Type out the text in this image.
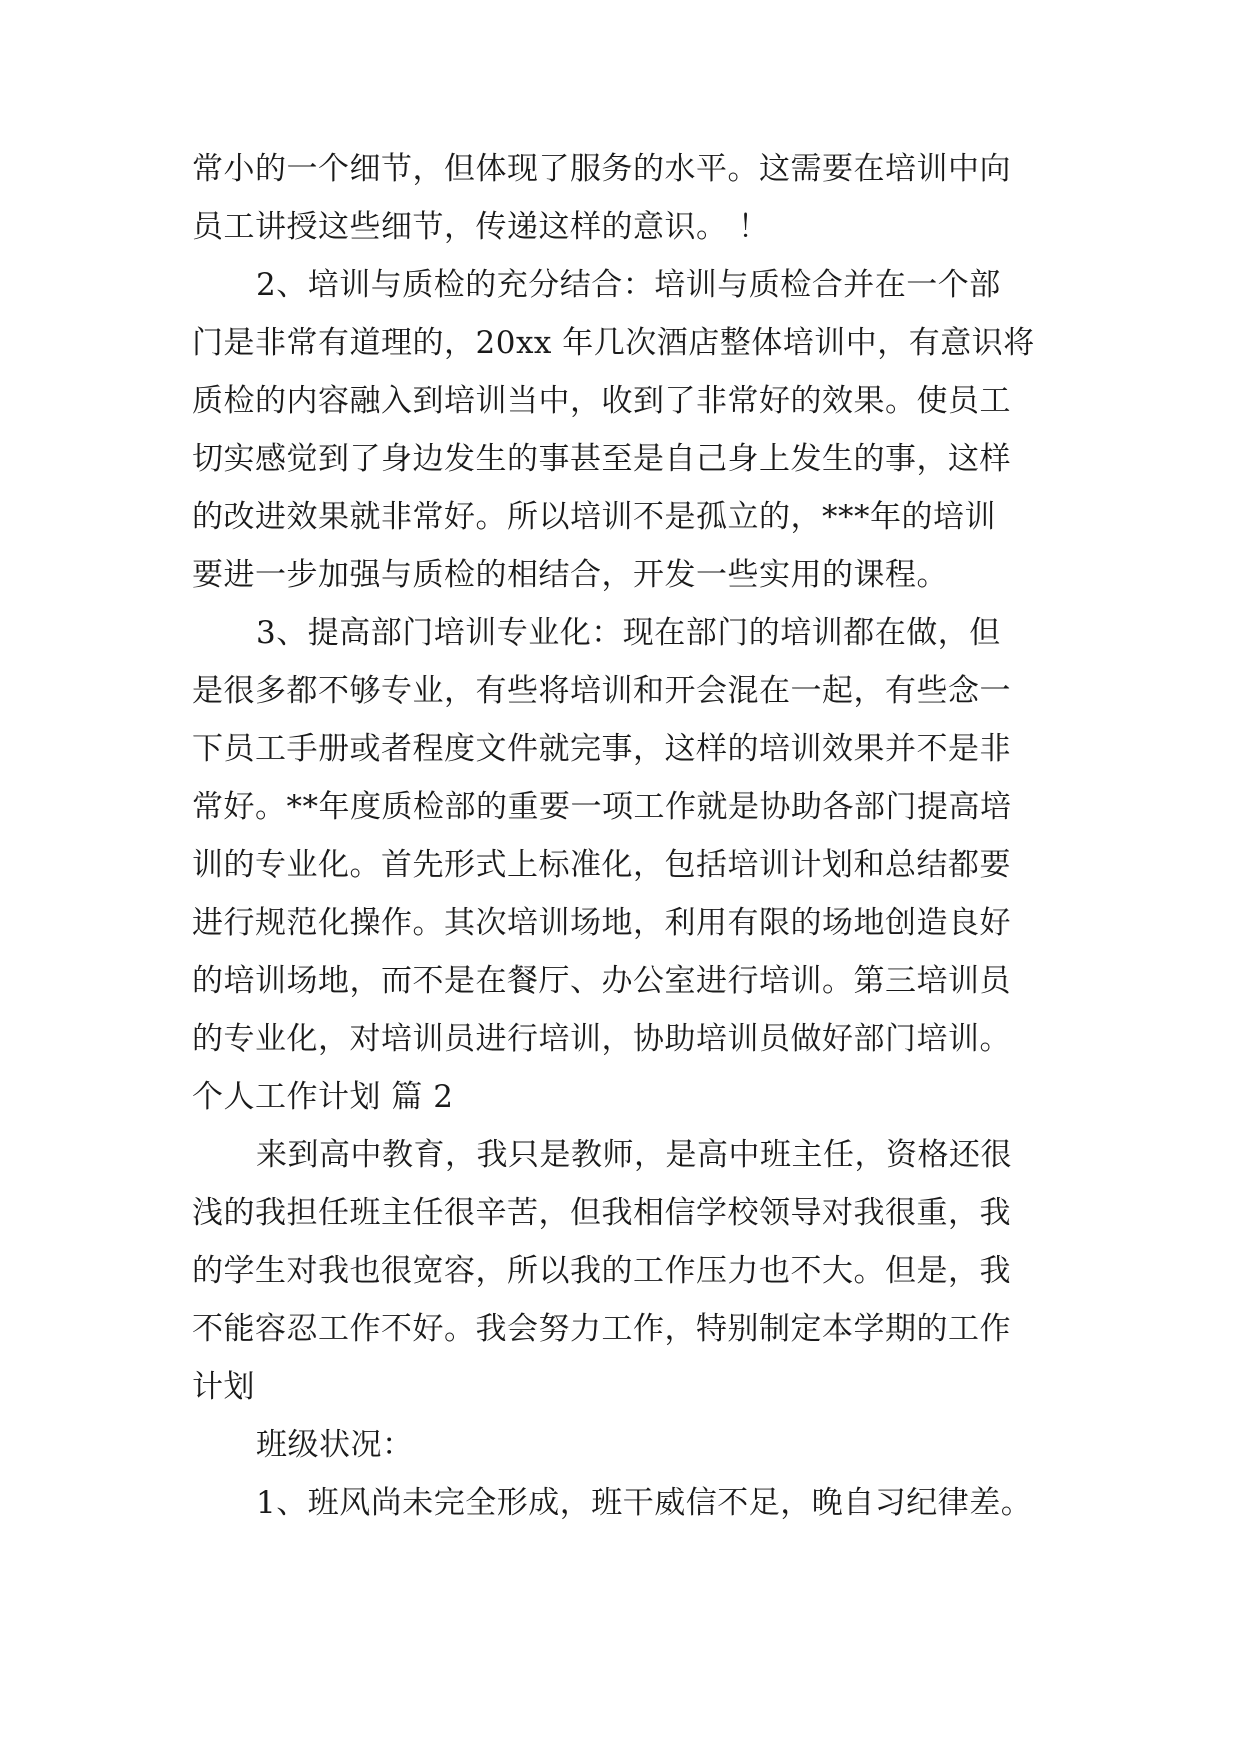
常小的一个细节，但体现了服务的水平。这需要在培训中向
员工讲授这些细节，传递这样的意识。 ！
2、培训与质检的充分结合：培训与质检合并在一个部
门是非常有道理的，20xx 年几次酒店整体培训中，有意识将
质检的内容融入到培训当中，收到了非常好的效果。使员工
切实感觉到了身边发生的事甚至是自己身上发生的事，这样
的改进效果就非常好。所以培训不是孤立的，***年的培训
要进一步加强与质检的相结合，开发一些实用的课程。
3、提高部门培训专业化：现在部门的培训都在做，但
是很多都不够专业，有些将培训和开会混在一起，有些念一
下员工手册或者程度文件就完事，这样的培训效果并不是非
常好。**年度质检部的重要一项工作就是协助各部门提高培
训的专业化。首先形式上标准化，包括培训计划和总结都要
进行规范化操作。其次培训场地，利用有限的场地创造良好
的培训场地，而不是在餐厅、办公室进行培训。第三培训员
的专业化，对培训员进行培训，协助培训员做好部门培训。
个人工作计划 篇 2
来到高中教育，我只是教师，是高中班主任，资格还很
浅的我担任班主任很辛苦，但我相信学校领导对我很重，我
的学生对我也很宽容，所以我的工作压力也不大。但是，我
不能容忍工作不好。我会努力工作，特别制定本学期的工作
计划
班级状况：
1、班风尚未完全形成，班干威信不足，晚自习纪律差。
